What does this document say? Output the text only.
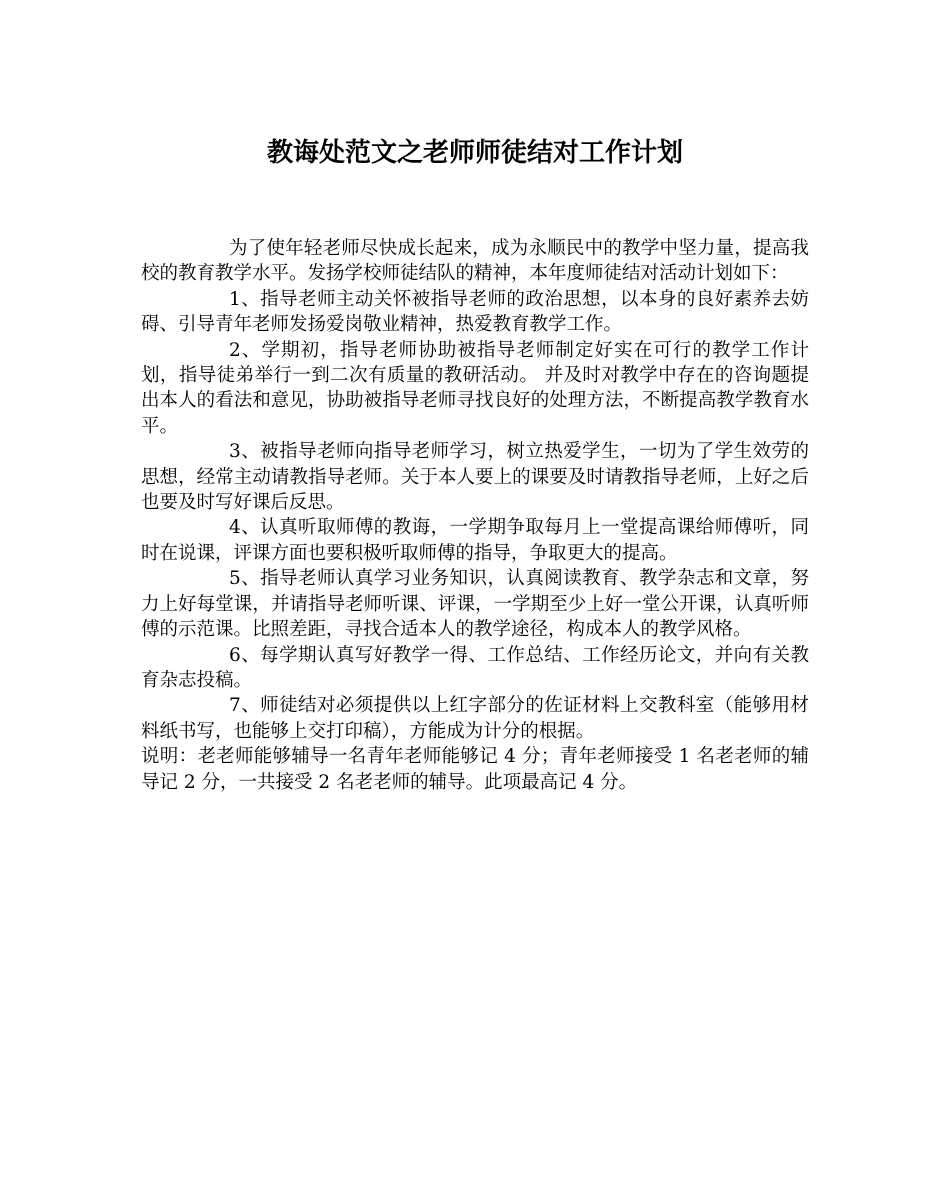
教诲处范文之老师师徒结对工作计划

为了使年轻老师尽快成长起来，成为永顺民中的教学中坚力量，提高我校的教育教学水平。发扬学校师徒结队的精神，本年度师徒结对活动计划如下：

1、指导老师主动关怀被指导老师的政治思想，以本身的良好素养去妨碍、引导青年老师发扬爱岗敬业精神，热爱教育教学工作。

2、学期初，指导老师协助被指导老师制定好实在可行的教学工作计划，指导徒弟举行一到二次有质量的教研活动。 并及时对教学中存在的咨询题提出本人的看法和意见，协助被指导老师寻找良好的处理方法，不断提高教学教育水平。

3、被指导老师向指导老师学习，树立热爱学生，一切为了学生效劳的思想，经常主动请教指导老师。关于本人要上的课要及时请教指导老师，上好之后也要及时写好课后反思。

4、认真听取师傅的教诲，一学期争取每月上一堂提高课给师傅听，同时在说课，评课方面也要积极听取师傅的指导，争取更大的提高。

5、指导老师认真学习业务知识，认真阅读教育、教学杂志和文章，努力上好每堂课，并请指导老师听课、评课，一学期至少上好一堂公开课，认真听师傅的示范课。比照差距，寻找合适本人的教学途径，构成本人的教学风格。

6、每学期认真写好教学一得、工作总结、工作经历论文，并向有关教育杂志投稿。

7、师徒结对必须提供以上红字部分的佐证材料上交教科室（能够用材料纸书写，也能够上交打印稿），方能成为计分的根据。

说明：老老师能够辅导一名青年老师能够记 4 分；青年老师接受 1 名老老师的辅导记 2 分，一共接受 2 名老老师的辅导。此项最高记 4 分。
